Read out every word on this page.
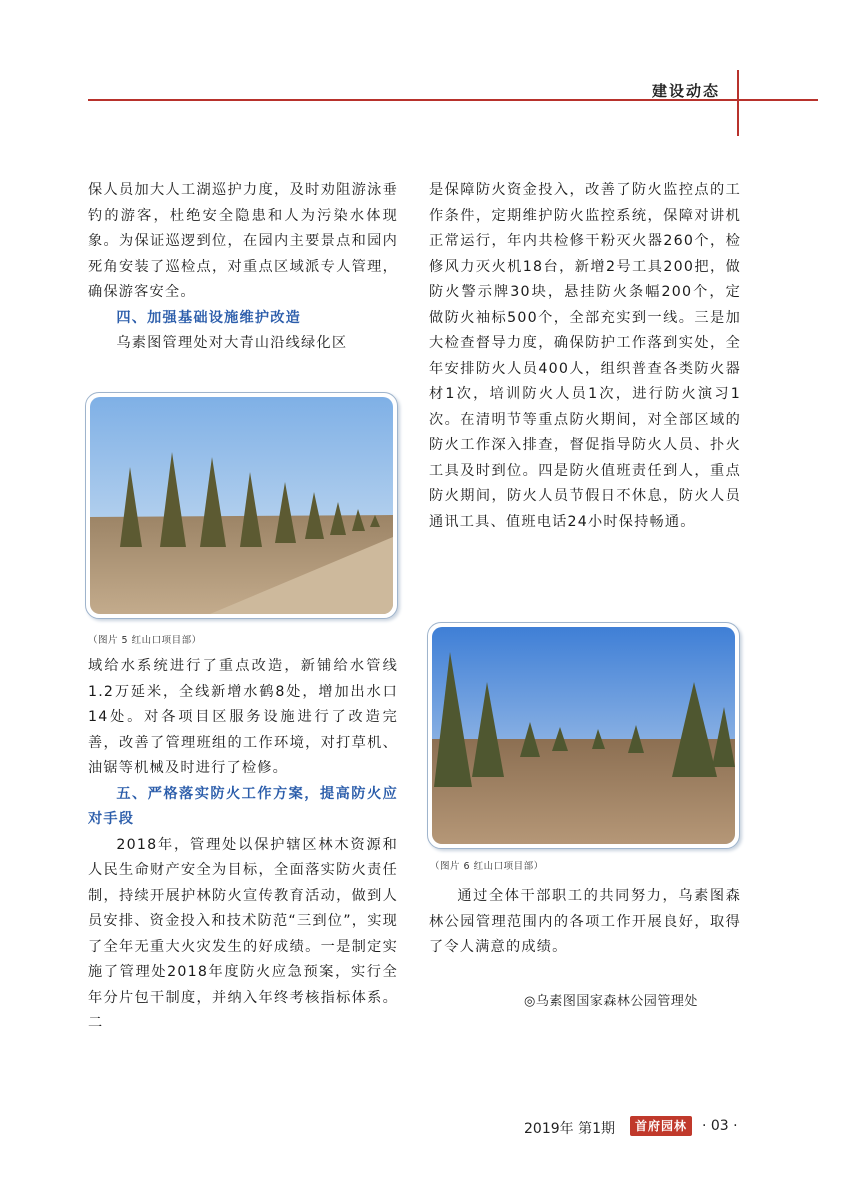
建设动态

保人员加大人工湖巡护力度，及时劝阻游泳垂钓的游客，杜绝安全隐患和人为污染水体现象。为保证巡逻到位，在园内主要景点和园内死角安装了巡检点，对重点区域派专人管理，确保游客安全。

四、加强基础设施维护改造

乌素图管理处对大青山沿线绿化区

（图片 5 红山口项目部）

域给水系统进行了重点改造，新铺给水管线1.2万延米，全线新增水鹤8处，增加出水口14处。对各项目区服务设施进行了改造完善，改善了管理班组的工作环境，对打草机、油锯等机械及时进行了检修。

五、严格落实防火工作方案，提高防火应对手段

2018年，管理处以保护辖区林木资源和人民生命财产安全为目标，全面落实防火责任制，持续开展护林防火宣传教育活动，做到人员安排、资金投入和技术防范“三到位”，实现了全年无重大火灾发生的好成绩。一是制定实施了管理处2018年度防火应急预案，实行全年分片包干制度，并纳入年终考核指标体系。二

是保障防火资金投入，改善了防火监控点的工作条件，定期维护防火监控系统，保障对讲机正常运行，年内共检修干粉灭火器260个，检修风力灭火机18台，新增2号工具200把，做防火警示牌30块，悬挂防火条幅200个，定做防火袖标500个，全部充实到一线。三是加大检查督导力度，确保防护工作落到实处，全年安排防火人员400人，组织普查各类防火器材1次，培训防火人员1次，进行防火演习1次。在清明节等重点防火期间，对全部区域的防火工作深入排查，督促指导防火人员、扑火工具及时到位。四是防火值班责任到人，重点防火期间，防火人员节假日不休息，防火人员通讯工具、值班电话24小时保持畅通。

（图片 6 红山口项目部）

通过全体干部职工的共同努力，乌素图森林公园管理范围内的各项工作开展良好，取得了令人满意的成绩。

◎乌素图国家森林公园管理处
2019年 第1期	首府园林	· 03 ·
